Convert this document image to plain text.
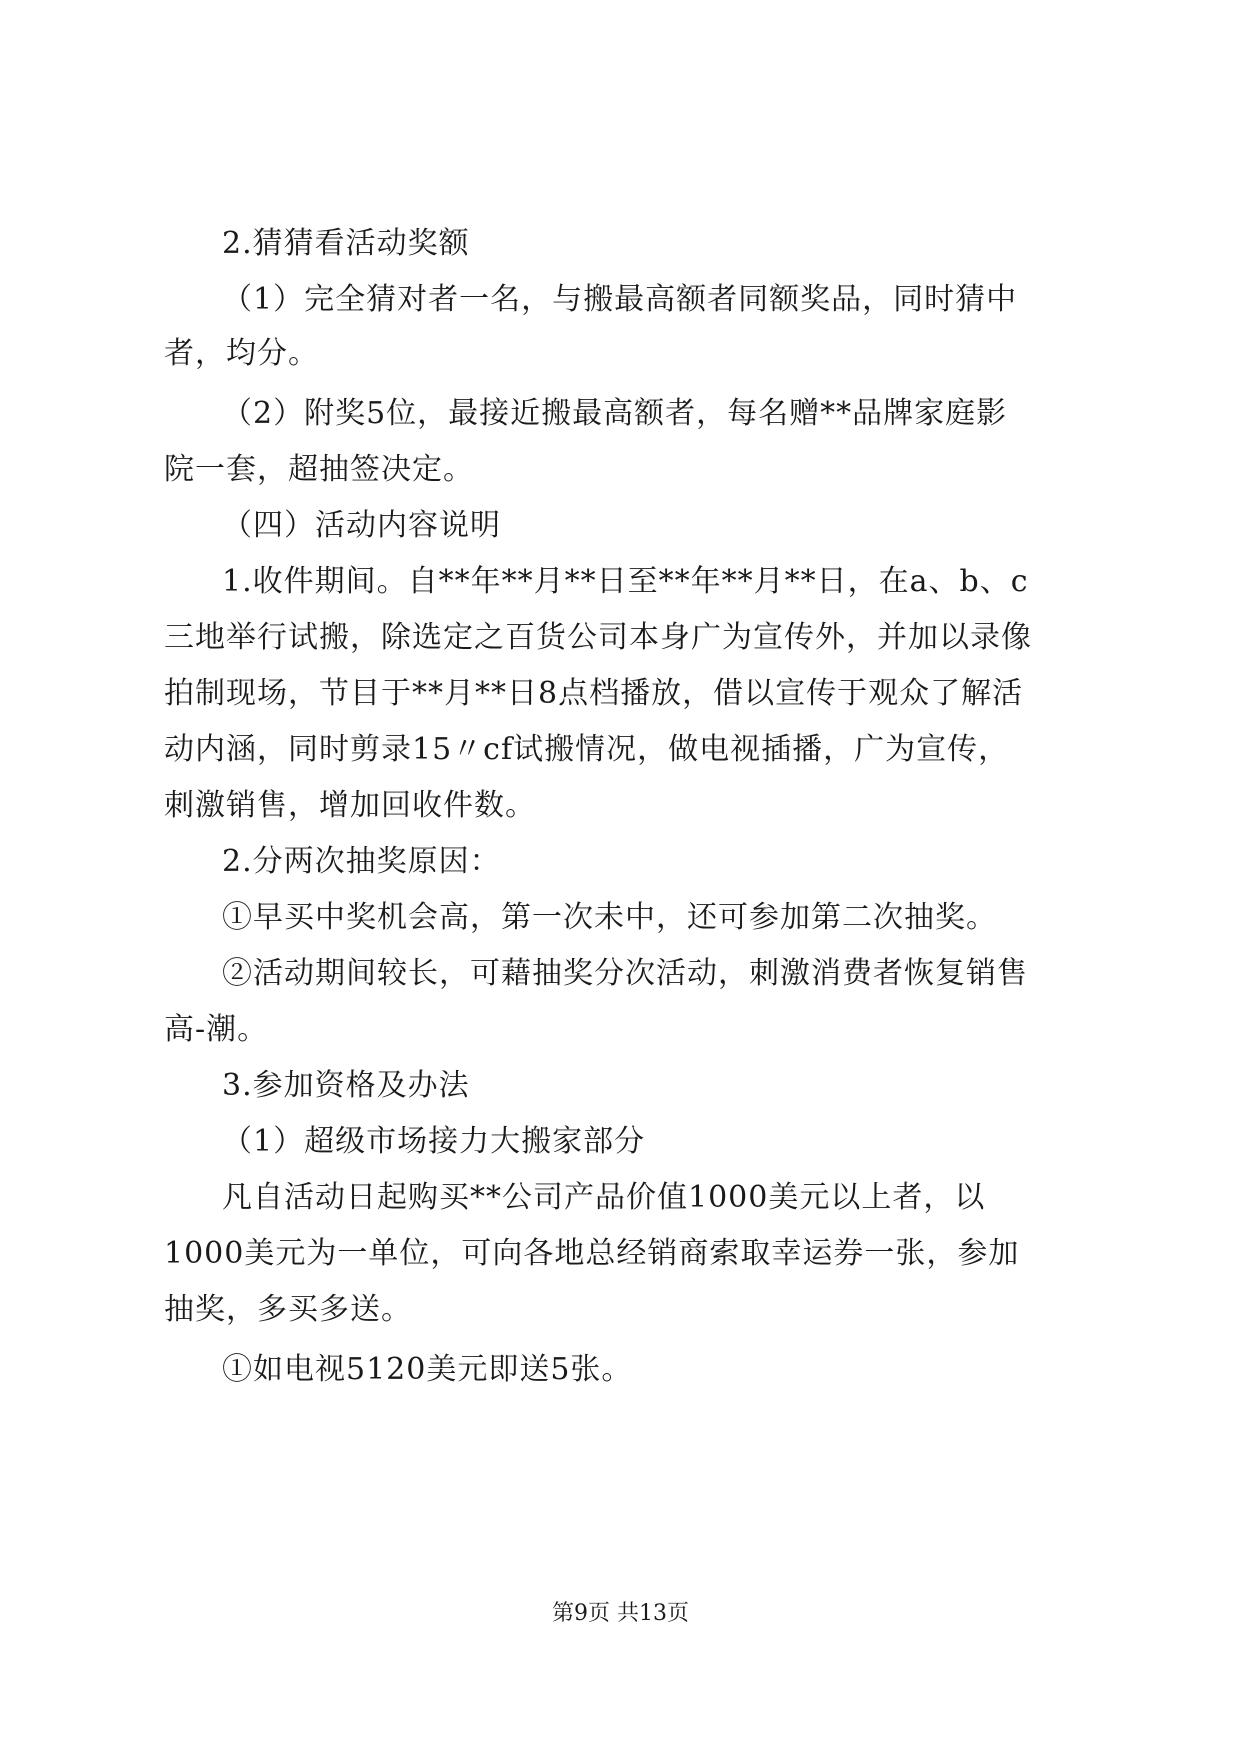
2.猜猜看活动奖额
（1）完全猜对者一名，与搬最高额者同额奖品，同时猜中
者，均分。
（2）附奖5位，最接近搬最高额者，每名赠**品牌家庭影
院一套，超抽签决定。
（四）活动内容说明
1.收件期间。自**年**月**日至**年**月**日，在a、b、c
三地举行试搬，除选定之百货公司本身广为宣传外，并加以录像
拍制现场，节目于**月**日8点档播放，借以宣传于观众了解活
动内涵，同时剪录15〃cf试搬情况，做电视插播，广为宣传，
刺激销售，增加回收件数。
2.分两次抽奖原因：
①早买中奖机会高，第一次未中，还可参加第二次抽奖。
②活动期间较长，可藉抽奖分次活动，刺激消费者恢复销售
高-潮。
3.参加资格及办法
（1）超级市场接力大搬家部分
凡自活动日起购买**公司产品价值1000美元以上者，以
1000美元为一单位，可向各地总经销商索取幸运券一张，参加
抽奖，多买多送。
①如电视5120美元即送5张。
第9页 共13页
